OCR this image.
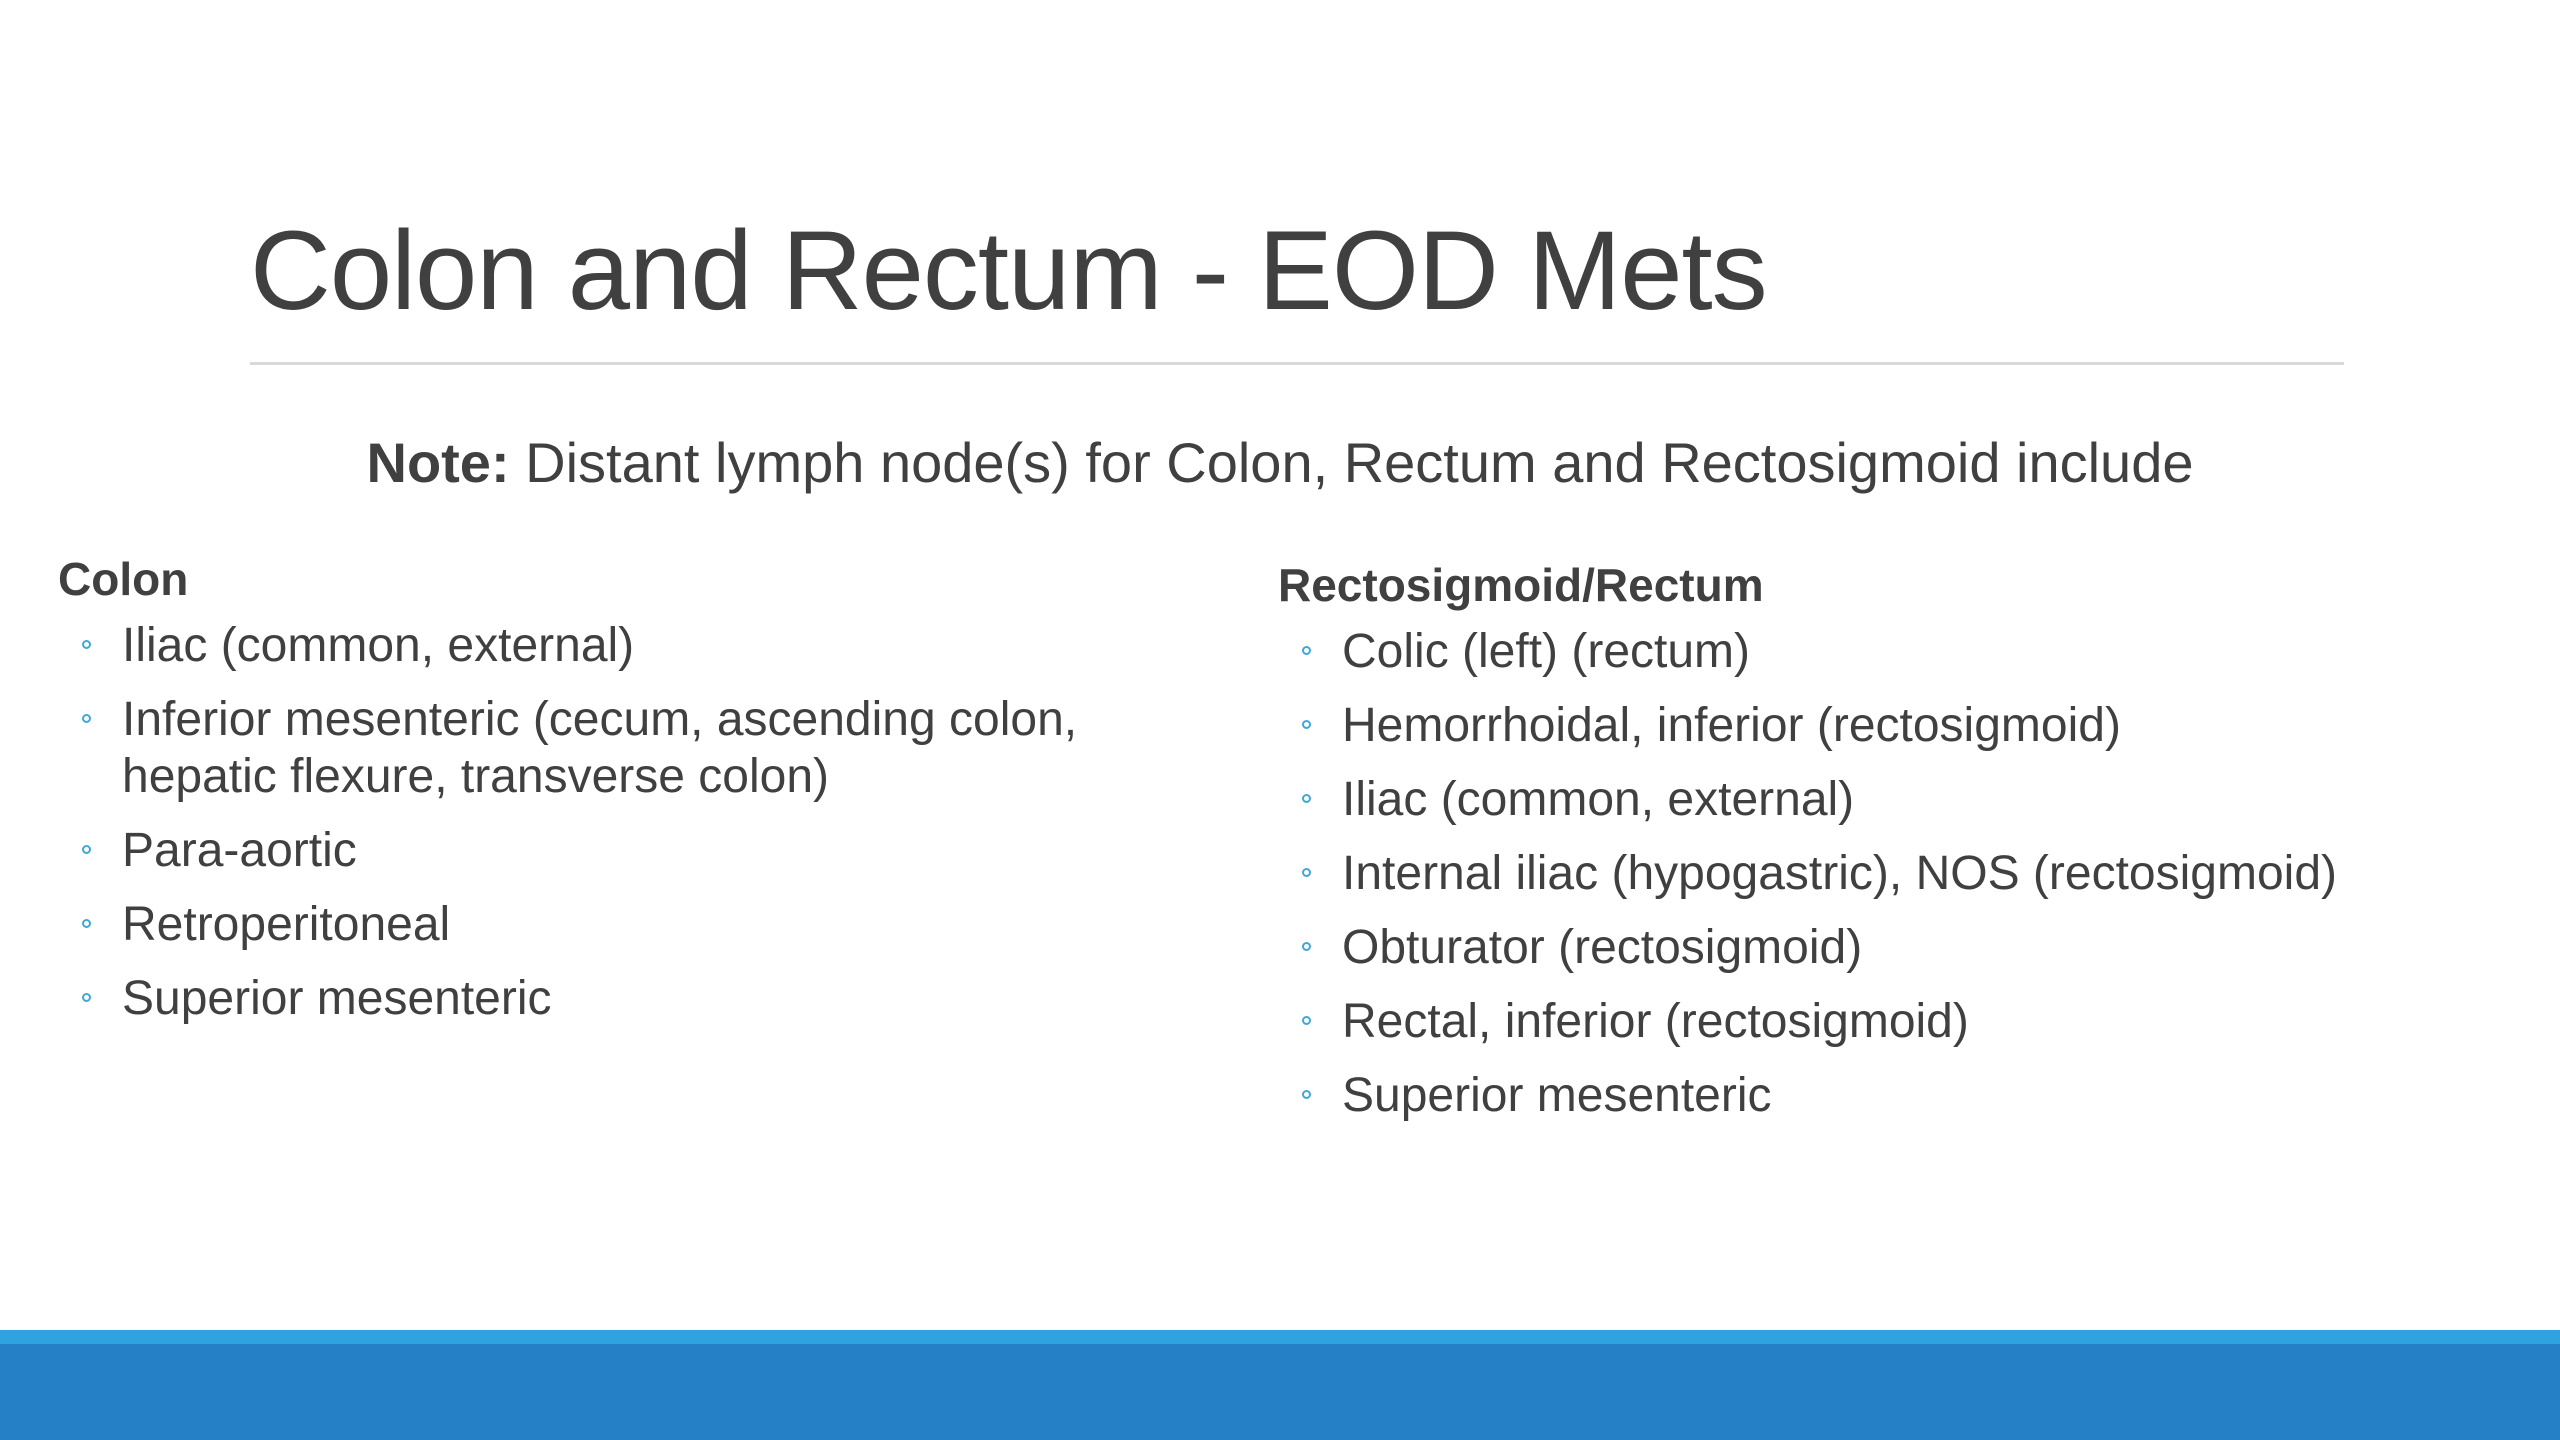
Colon and Rectum - EOD Mets
Note: Distant lymph node(s) for Colon, Rectum and Rectosigmoid include
Colon
Iliac (common, external)
Inferior mesenteric (cecum, ascending colon, hepatic flexure, transverse colon)
Para-aortic
Retroperitoneal
Superior mesenteric
Rectosigmoid/Rectum
Colic (left) (rectum)
Hemorrhoidal, inferior (rectosigmoid)
Iliac (common, external)
Internal iliac (hypogastric), NOS (rectosigmoid)
Obturator (rectosigmoid)
Rectal, inferior (rectosigmoid)
Superior mesenteric
